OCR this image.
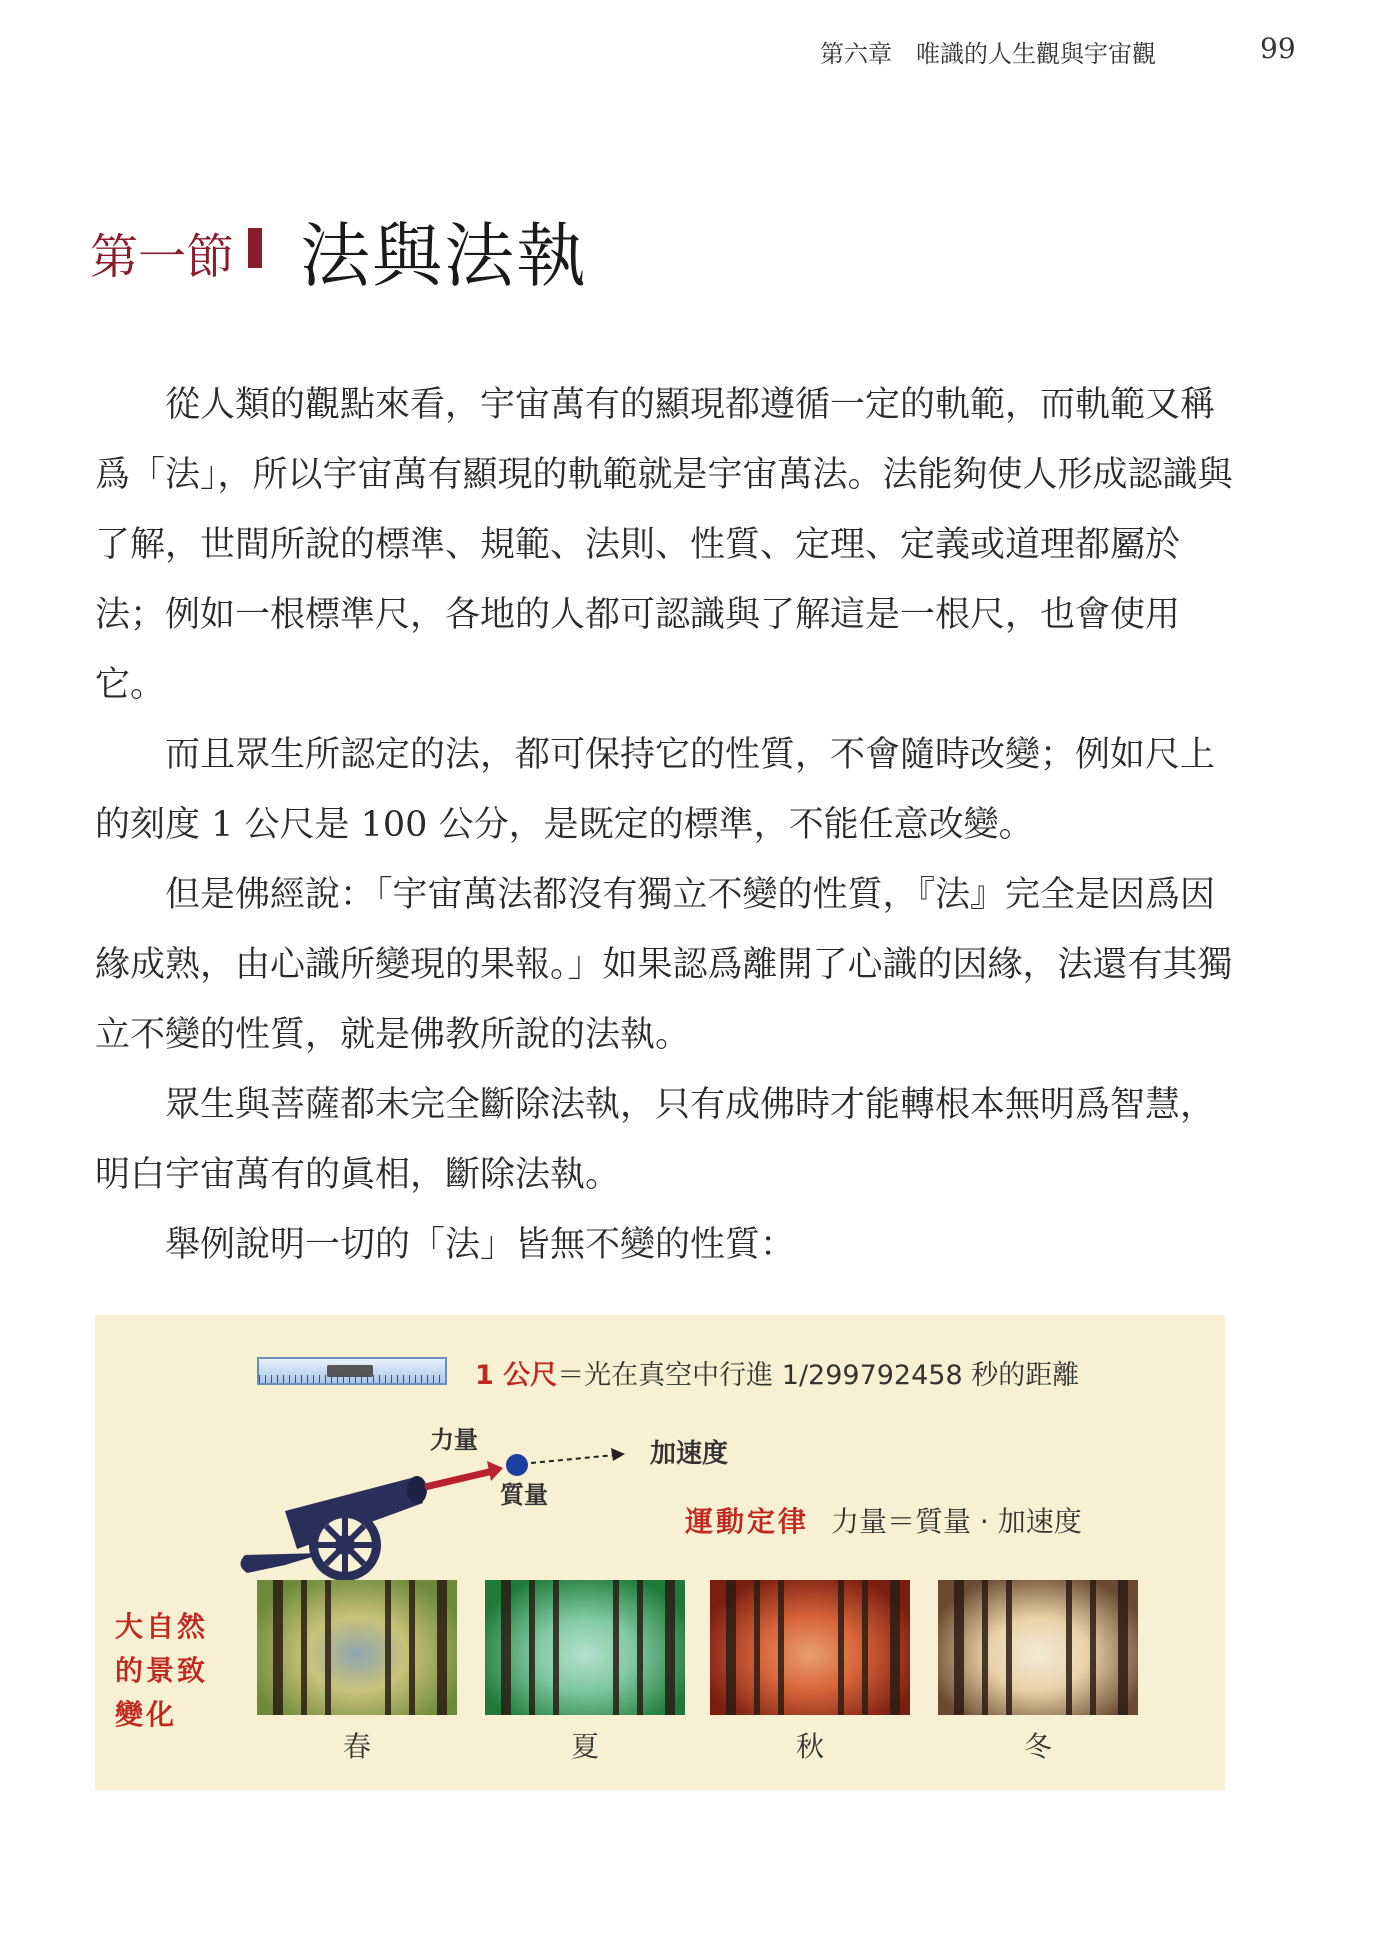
第六章　唯識的人生觀與宇宙觀	99
第一節 法與法執

從人類的觀點來看，宇宙萬有的顯現都遵循一定的軌範，而軌範又稱爲「法」，所以宇宙萬有顯現的軌範就是宇宙萬法。法能夠使人形成認識與了解，世間所說的標準、規範、法則、性質、定理、定義或道理都屬於法；例如一根標準尺，各地的人都可認識與了解這是一根尺，也會使用它。

而且眾生所認定的法，都可保持它的性質，不會隨時改變；例如尺上的刻度 1 公尺是 100 公分，是既定的標準，不能任意改變。

但是佛經說：「宇宙萬法都沒有獨立不變的性質，『法』完全是因爲因緣成熟，由心識所變現的果報。」如果認爲離開了心識的因緣，法還有其獨立不變的性質，就是佛教所說的法執。

眾生與菩薩都未完全斷除法執，只有成佛時才能轉根本無明爲智慧，明白宇宙萬有的眞相，斷除法執。

舉例說明一切的「法」皆無不變的性質：

1 公尺＝光在真空中行進 1/299792458 秒的距離
力量
質量
加速度
運動定律 力量＝質量 · 加速度
大自然的景致變化
春	夏	秋	冬
